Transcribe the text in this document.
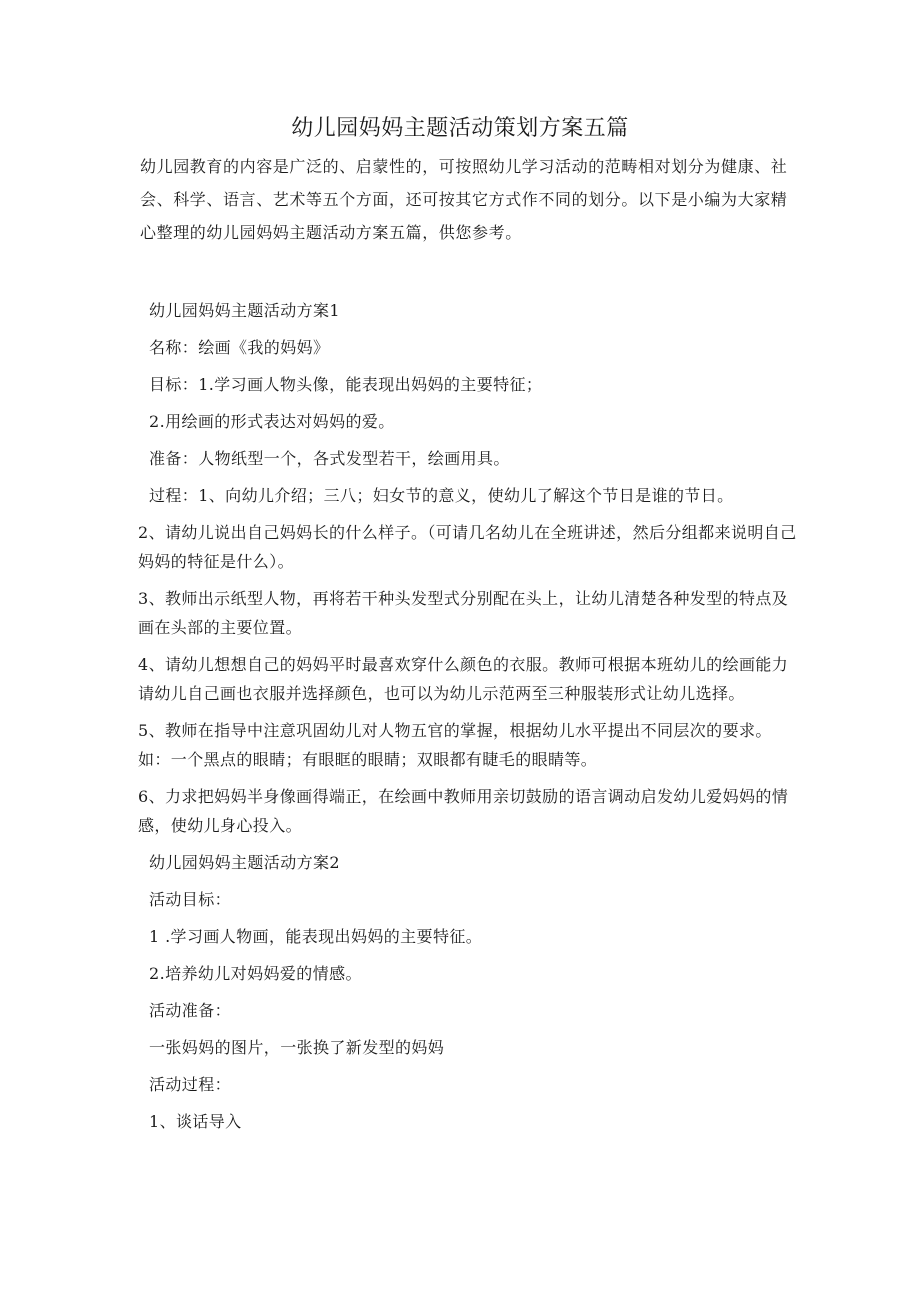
幼儿园妈妈主题活动策划方案五篇
幼儿园教育的内容是广泛的、启蒙性的，可按照幼儿学习活动的范畴相对划分为健康、社会、科学、语言、艺术等五个方面，还可按其它方式作不同的划分。以下是小编为大家精心整理的幼儿园妈妈主题活动方案五篇，供您参考。

幼儿园妈妈主题活动方案1

名称：绘画《我的妈妈》

目标：1.学习画人物头像，能表现出妈妈的主要特征；

2.用绘画的形式表达对妈妈的爱。

准备：人物纸型一个，各式发型若干，绘画用具。

过程：1、向幼儿介绍；三八；妇女节的意义，使幼儿了解这个节日是谁的节日。

2、请幼儿说出自己妈妈长的什么样子。（可请几名幼儿在全班讲述，然后分组都来说明自己妈妈的特征是什么）。

3、教师出示纸型人物，再将若干种头发型式分别配在头上，让幼儿清楚各种发型的特点及画在头部的主要位置。

4、请幼儿想想自己的妈妈平时最喜欢穿什么颜色的衣服。教师可根据本班幼儿的绘画能力请幼儿自己画也衣服并选择颜色，也可以为幼儿示范两至三种服装形式让幼儿选择。

5、教师在指导中注意巩固幼儿对人物五官的掌握，根据幼儿水平提出不同层次的要求。如：一个黑点的眼睛；有眼眶的眼睛；双眼都有睫毛的眼睛等。

6、力求把妈妈半身像画得端正，在绘画中教师用亲切鼓励的语言调动启发幼儿爱妈妈的情感，使幼儿身心投入。

幼儿园妈妈主题活动方案2

活动目标：

1 .学习画人物画，能表现出妈妈的主要特征。

2.培养幼儿对妈妈爱的情感。

活动准备：

一张妈妈的图片，一张换了新发型的妈妈

活动过程：

1、谈话导入
